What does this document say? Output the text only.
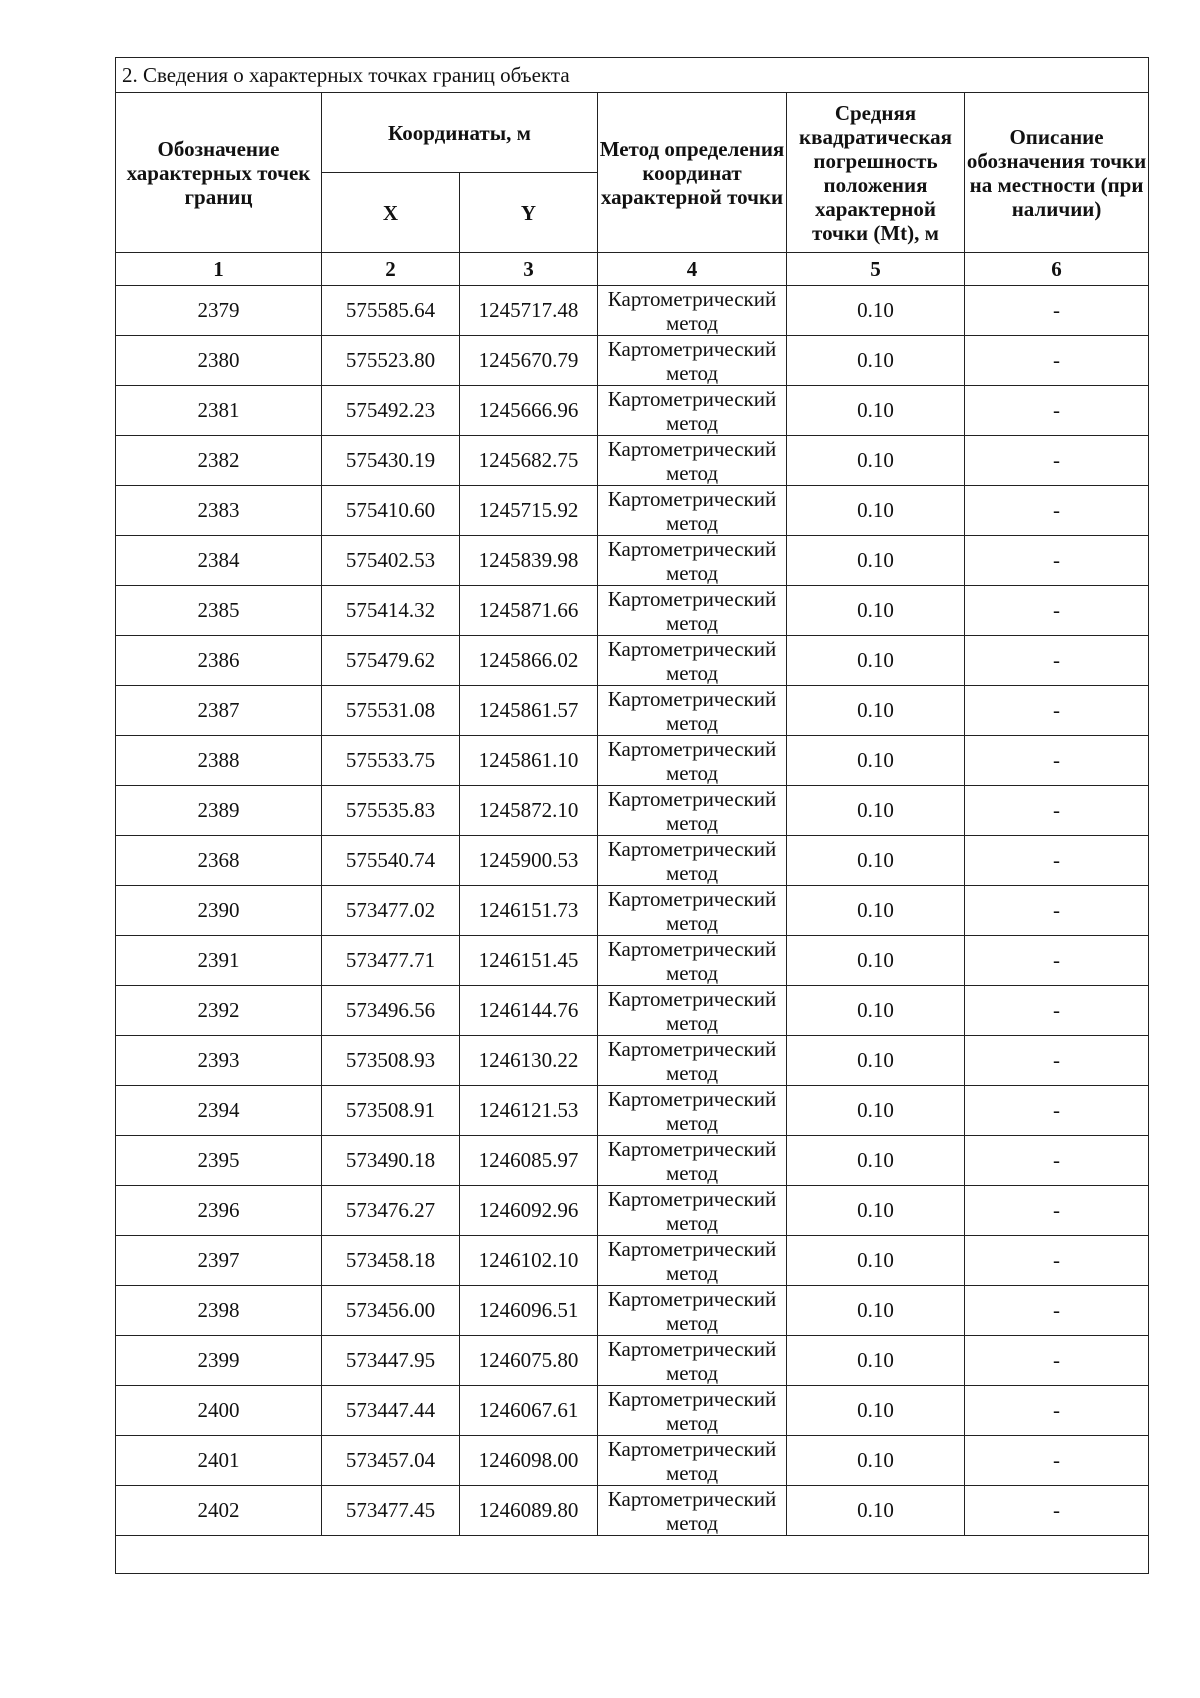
2. Сведения о характерных точках границ объекта					
Обозначение характерных точек границ	Координаты, м		Метод определения координат характерной точки	Средняя квадратическая погрешность положения характерной точки (Mt), м	Описание обозначения точки на местности (при наличии)
	X	Y			
1	2	3	4	5	6
2379	575585.64	1245717.48	Картометрический метод	0.10	-
2380	575523.80	1245670.79	Картометрический метод	0.10	-
2381	575492.23	1245666.96	Картометрический метод	0.10	-
2382	575430.19	1245682.75	Картометрический метод	0.10	-
2383	575410.60	1245715.92	Картометрический метод	0.10	-
2384	575402.53	1245839.98	Картометрический метод	0.10	-
2385	575414.32	1245871.66	Картометрический метод	0.10	-
2386	575479.62	1245866.02	Картометрический метод	0.10	-
2387	575531.08	1245861.57	Картометрический метод	0.10	-
2388	575533.75	1245861.10	Картометрический метод	0.10	-
2389	575535.83	1245872.10	Картометрический метод	0.10	-
2368	575540.74	1245900.53	Картометрический метод	0.10	-
2390	573477.02	1246151.73	Картометрический метод	0.10	-
2391	573477.71	1246151.45	Картометрический метод	0.10	-
2392	573496.56	1246144.76	Картометрический метод	0.10	-
2393	573508.93	1246130.22	Картометрический метод	0.10	-
2394	573508.91	1246121.53	Картометрический метод	0.10	-
2395	573490.18	1246085.97	Картометрический метод	0.10	-
2396	573476.27	1246092.96	Картометрический метод	0.10	-
2397	573458.18	1246102.10	Картометрический метод	0.10	-
2398	573456.00	1246096.51	Картометрический метод	0.10	-
2399	573447.95	1246075.80	Картометрический метод	0.10	-
2400	573447.44	1246067.61	Картометрический метод	0.10	-
2401	573457.04	1246098.00	Картометрический метод	0.10	-
2402	573477.45	1246089.80	Картометрический метод	0.10	-
